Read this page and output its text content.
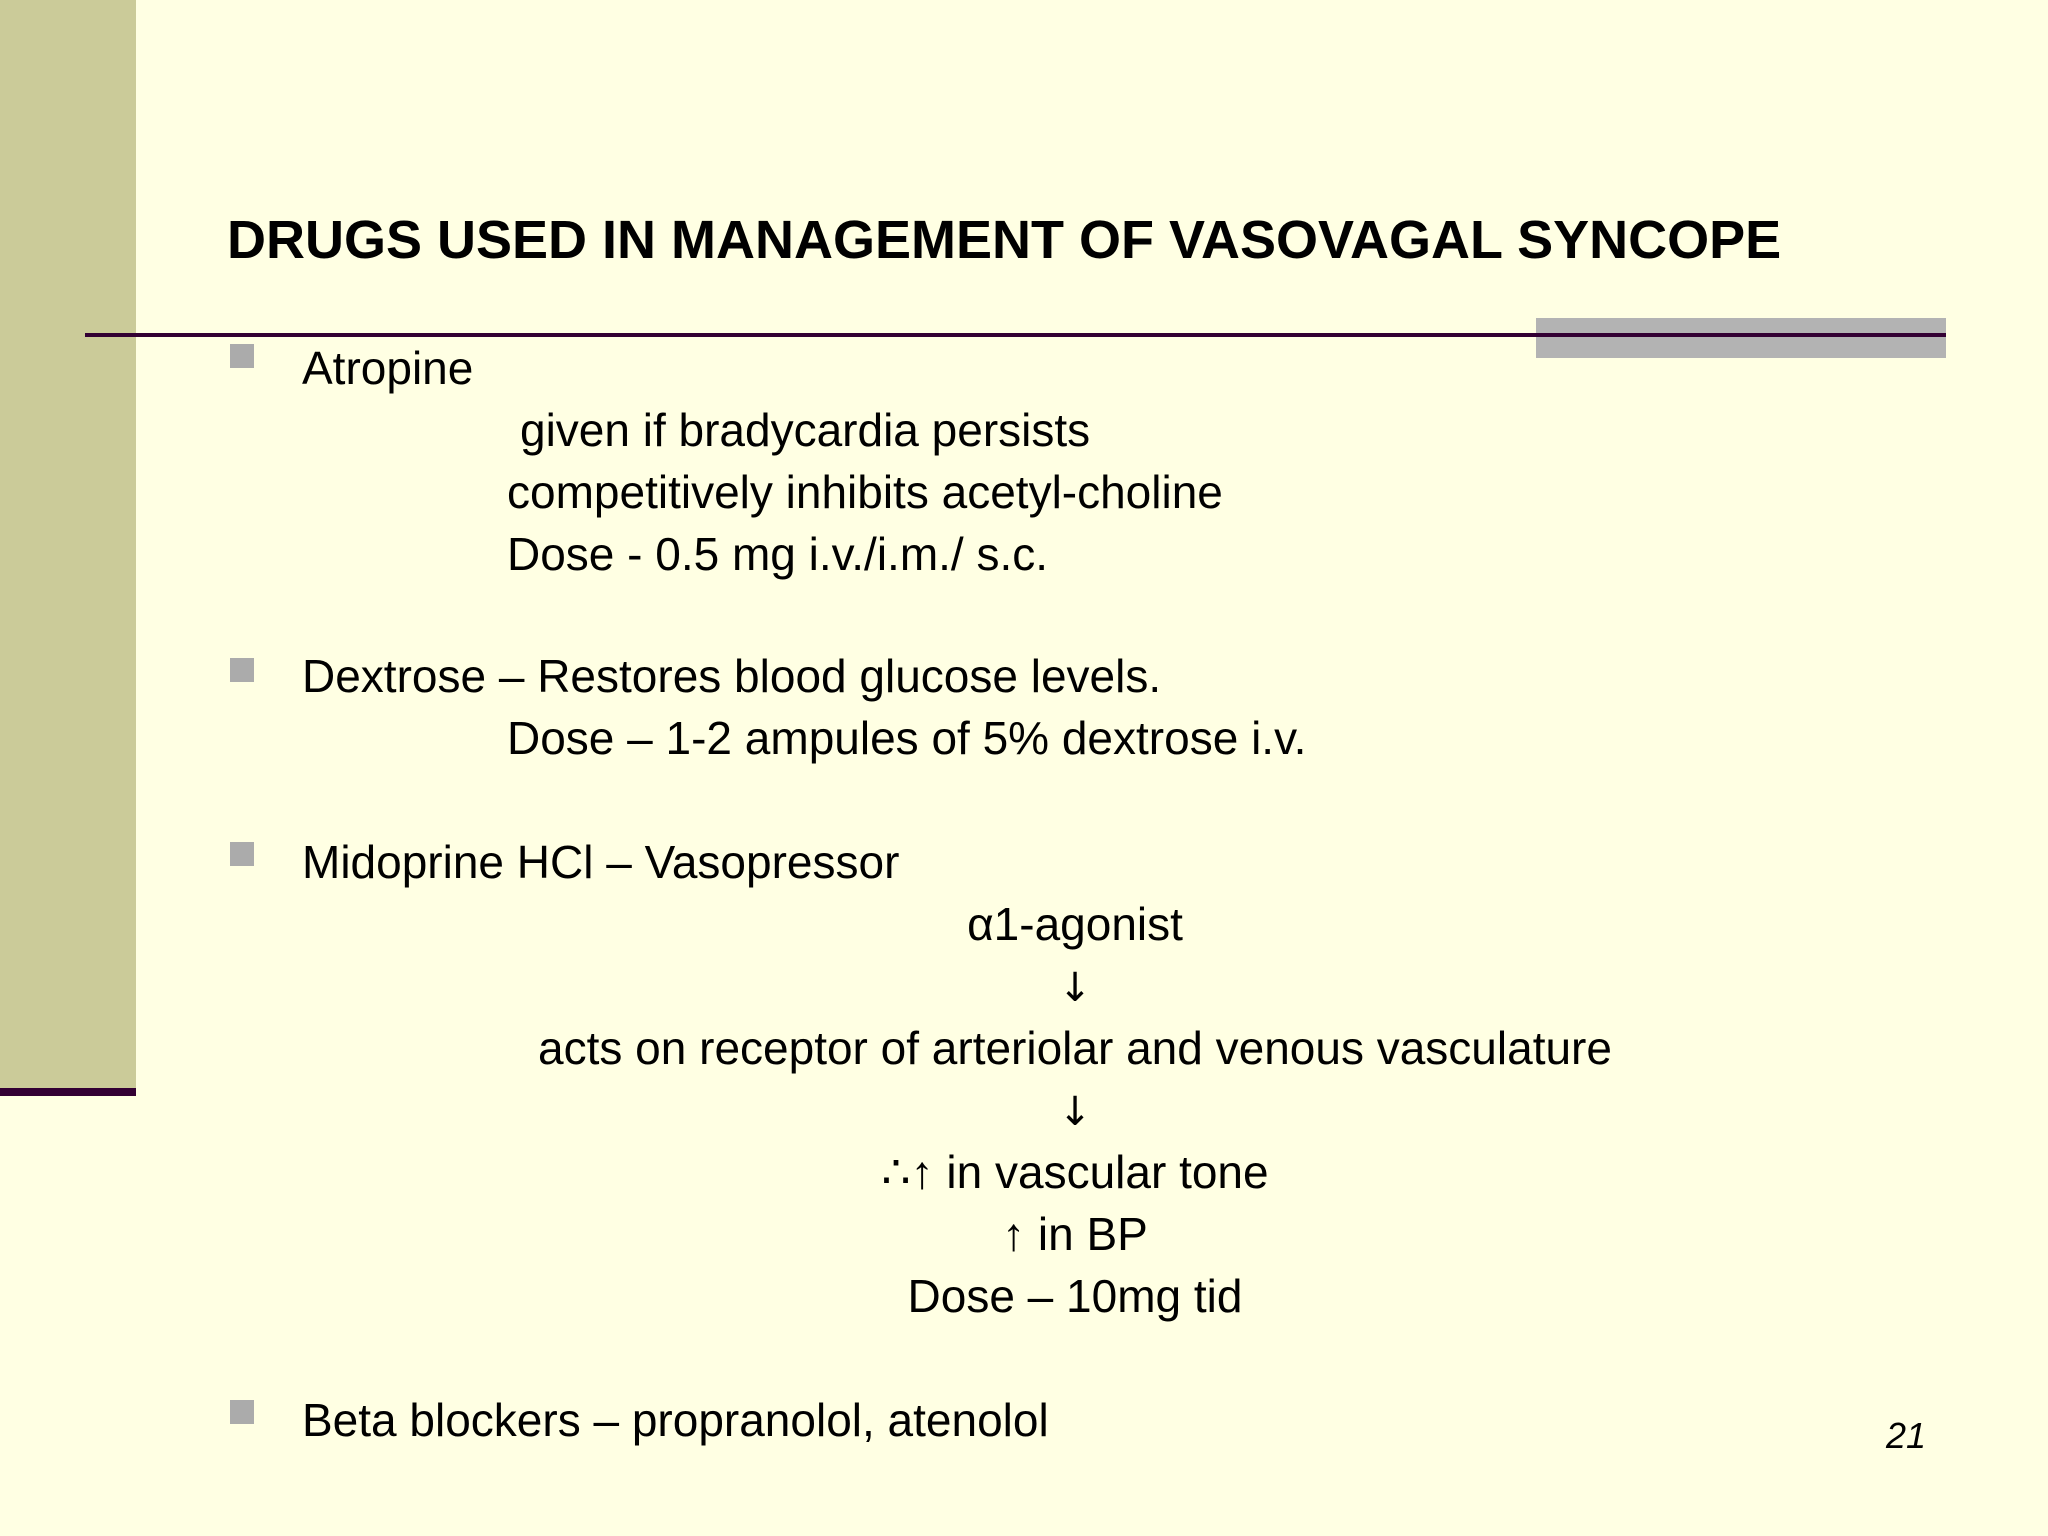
DRUGS USED IN MANAGEMENT OF VASOVAGAL SYNCOPE
Atropine
given if bradycardia persists
competitively inhibits acetyl-choline
Dose - 0.5 mg i.v./i.m./ s.c.
Dextrose – Restores blood glucose levels.
Dose – 1-2 ampules of 5% dextrose i.v.
Midoprine HCl – Vasopressor
α1-agonist
↓
acts on receptor of arteriolar and venous vasculature
↓
∴↑ in vascular tone
↑ in BP
Dose – 10mg tid
Beta blockers – propranolol, atenolol	21
